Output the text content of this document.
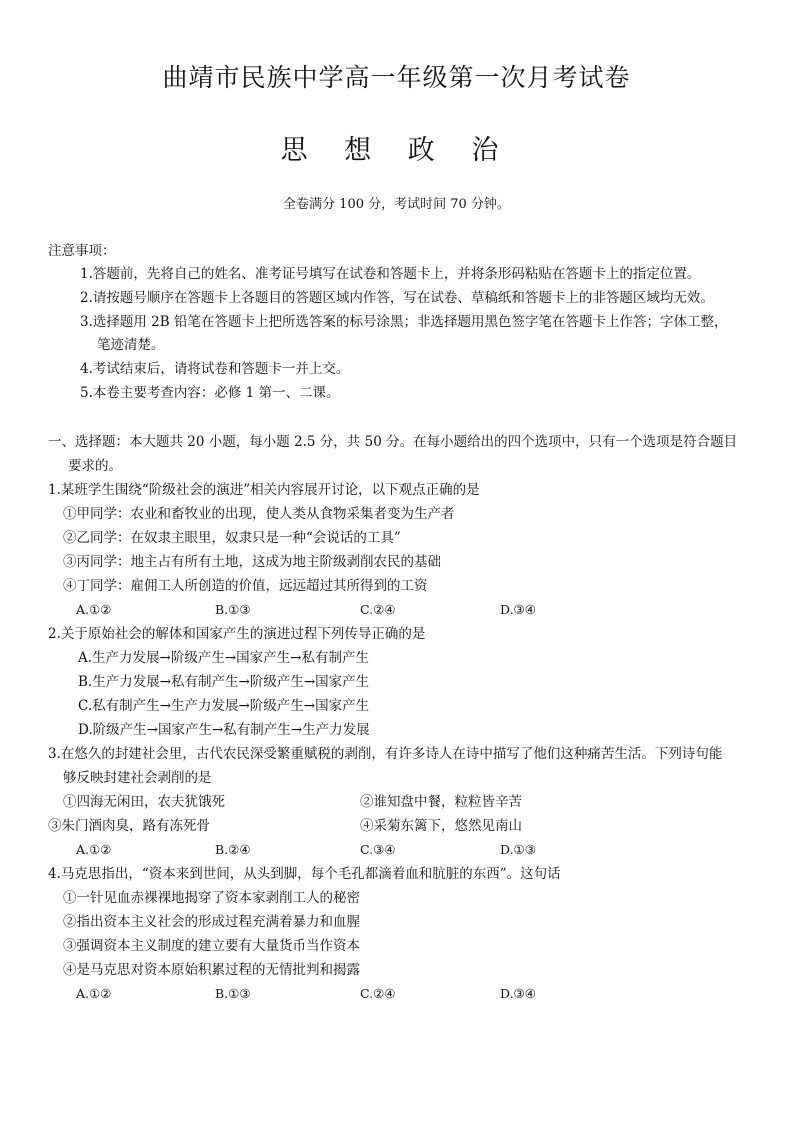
曲靖市民族中学高一年级第一次月考试卷
思 想 政 治
全卷满分 100 分，考试时间 70 分钟。
注意事项：
1.答题前，先将自己的姓名、准考证号填写在试卷和答题卡上，并将条形码粘贴在答题卡上的指定位置。
2.请按题号顺序在答题卡上各题目的答题区域内作答，写在试卷、草稿纸和答题卡上的非答题区域均无效。
3.选择题用 2B 铅笔在答题卡上把所选答案的标号涂黑；非选择题用黑色签字笔在答题卡上作答；字体工整，
笔迹清楚。
4.考试结束后，请将试卷和答题卡一并上交。
5.本卷主要考查内容：必修 1 第一、二课。
一、选择题：本大题共 20 小题，每小题 2.5 分，共 50 分。在每小题给出的四个选项中，只有一个选项是符合题目
要求的。
1.某班学生围绕“阶级社会的演进”相关内容展开讨论，以下观点正确的是
①甲同学：农业和畜牧业的出现，使人类从食物采集者变为生产者
②乙同学：在奴隶主眼里，奴隶只是一种“会说话的工具”
③丙同学：地主占有所有土地，这成为地主阶级剥削农民的基础
④丁同学：雇佣工人所创造的价值，远远超过其所得到的工资
A.①②	B.①③	C.②④	D.③④
2.关于原始社会的解体和国家产生的演进过程下列传导正确的是
A.生产力发展→阶级产生→国家产生→私有制产生
B.生产力发展→私有制产生→阶级产生→国家产生
C.私有制产生→生产力发展→阶级产生→国家产生
D.阶级产生→国家产生→私有制产生→生产力发展
3.在悠久的封建社会里，古代农民深受繁重赋税的剥削，有许多诗人在诗中描写了他们这种痛苦生活。下列诗句能
够反映封建社会剥削的是
①四海无闲田，农夫犹饿死	②谁知盘中餐，粒粒皆辛苦
③朱门酒肉臭，路有冻死骨	④采菊东篱下，悠然见南山
A.①②	B.②④	C.③④	D.①③
4.马克思指出，“资本来到世间，从头到脚，每个毛孔都滴着血和肮脏的东西”。这句话
①一针见血赤裸裸地揭穿了资本家剥削工人的秘密
②指出资本主义社会的形成过程充满着暴力和血腥
③强调资本主义制度的建立要有大量货币当作资本
④是马克思对资本原始积累过程的无情批判和揭露
A.①②	B.①③	C.②④	D.③④
